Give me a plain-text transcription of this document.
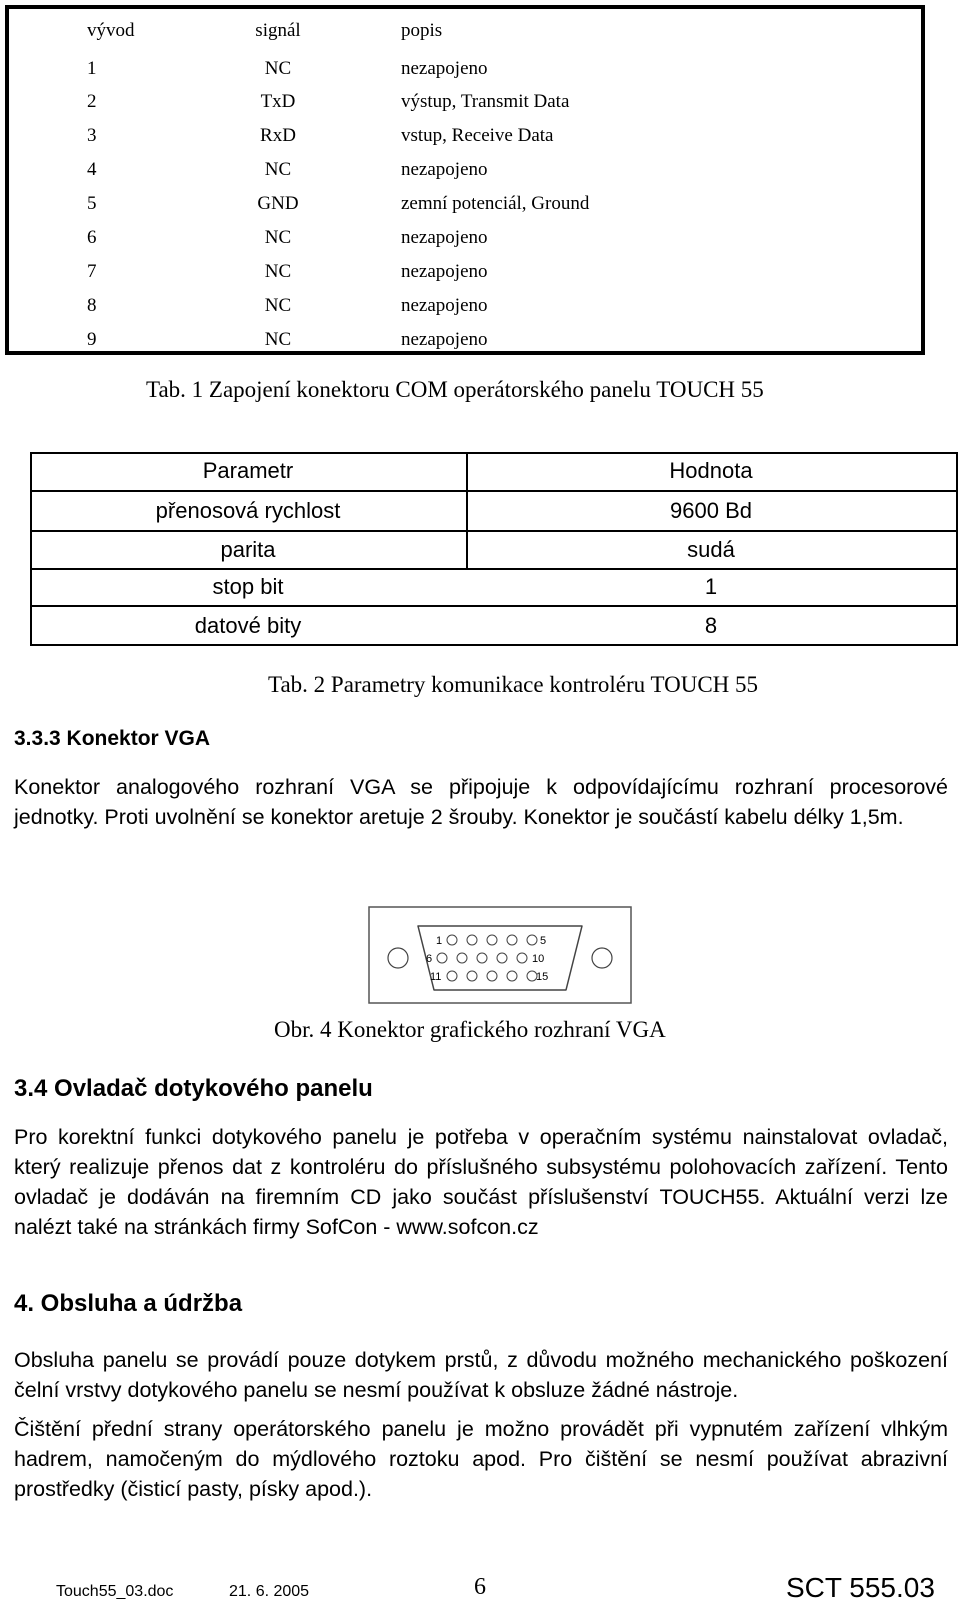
vývod	signál	popis
1	NC	nezapojeno
2	TxD	výstup, Transmit Data
3	RxD	vstup, Receive Data
4	NC	nezapojeno
5	GND	zemní potenciál, Ground
6	NC	nezapojeno
7	NC	nezapojeno
8	NC	nezapojeno
9	NC	nezapojeno
Tab. 1 Zapojení konektoru COM operátorského panelu TOUCH 55
Parametr	Hodnota
přenosová rychlost	9600 Bd
parita	sudá
stop bit	1
datové bity	8
Tab. 2 Parametry komunikace kontroléru TOUCH 55
3.3.3 Konektor VGA

Konektor analogového rozhraní VGA se připojuje k odpovídajícímu rozhraní procesorové jednotky. Proti uvolnění se konektor aretuje 2 šrouby. Konektor je součástí kabelu délky 1,5m.

1	5
6	10
11	15
Obr. 4 Konektor grafického rozhraní VGA
3.4 Ovladač dotykového panelu

Pro korektní funkci dotykového panelu je potřeba v operačním systému nainstalovat ovladač, který realizuje přenos dat z kontroléru do příslušného subsystému polohovacích zařízení. Tento ovladač je dodáván na firemním CD jako součást příslušenství TOUCH55. Aktuální verzi lze nalézt také na stránkách firmy SofCon - www.sofcon.cz

4. Obsluha a údržba

Obsluha panelu se provádí pouze dotykem prstů, z důvodu možného mechanického poškození čelní vrstvy dotykového panelu se nesmí používat k obsluze žádné nástroje.

Čištění přední strany operátorského panelu je možno provádět při vypnutém zařízení vlhkým hadrem, namočeným do mýdlového roztoku apod. Pro čištění se nesmí používat abrazivní prostředky (čisticí pasty, písky apod.).

Touch55_03.doc	21. 6. 2005	6	SCT 555.03
